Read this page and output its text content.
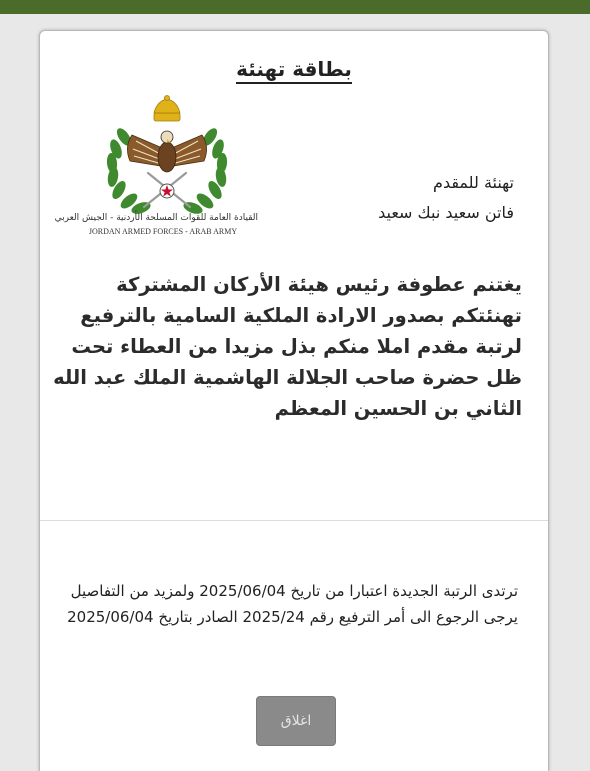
بطاقة تهنئة
القيادة العامة للقوات المسلحة الأردنية - الجيش العربي
JORDAN ARMED FORCES - ARAB ARMY
تهنئة للمقدم
فاتن سعيد نبك سعيد
يغتنم عطوفة رئيس هيئة الأركان المشتركة تهنئتكم بصدور الارادة الملكية السامية بالترفيع لرتبة مقدم املا منكم بذل مزيدا من العطاء تحت ظل حضرة صاحب الجلالة الهاشمية الملك عبد الله الثاني بن الحسين المعظم
ترتدى الرتبة الجديدة اعتبارا من تاريخ 2025/06/04 ولمزيد من التفاصيل يرجى الرجوع الى أمر الترفيع رقم 2025/24 الصادر بتاريخ 2025/06/04
اغلاق
